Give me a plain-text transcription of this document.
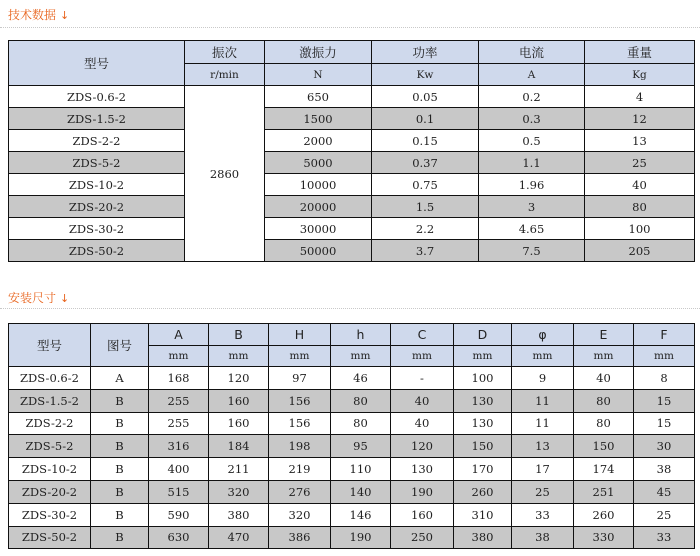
技术数据 ↓
型号	振次	激振力	功率	电流	重量
	r/min	N	Kw	A	Kg
ZDS-0.6-2	2860	650	0.05	0.2	4
ZDS-1.5-2		1500	0.1	0.3	12
ZDS-2-2		2000	0.15	0.5	13
ZDS-5-2		5000	0.37	1.1	25
ZDS-10-2		10000	0.75	1.96	40
ZDS-20-2		20000	1.5	3	80
ZDS-30-2		30000	2.2	4.65	100
ZDS-50-2		50000	3.7	7.5	205
安装尺寸 ↓
型号	图号	A	B	H	h	C	D	φ	E	F
		mm	mm	mm	mm	mm	mm	mm	mm	mm
ZDS-0.6-2	A	168	120	97	46	-	100	9	40	8
ZDS-1.5-2	B	255	160	156	80	40	130	11	80	15
ZDS-2-2	B	255	160	156	80	40	130	11	80	15
ZDS-5-2	B	316	184	198	95	120	150	13	150	30
ZDS-10-2	B	400	211	219	110	130	170	17	174	38
ZDS-20-2	B	515	320	276	140	190	260	25	251	45
ZDS-30-2	B	590	380	320	146	160	310	33	260	25
ZDS-50-2	B	630	470	386	190	250	380	38	330	33
